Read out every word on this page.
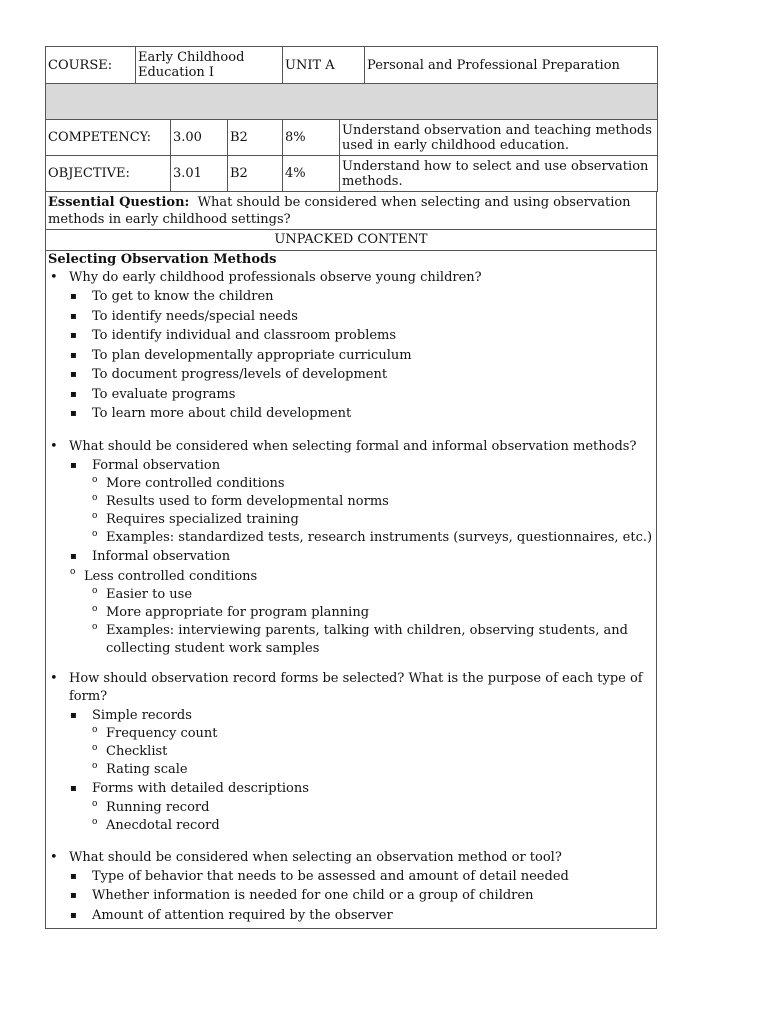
COURSE:	Early Childhood Education I			UNIT A		Personal and Professional Preparation

COMPETENCY:		3.00	B2	8%	Understand observation and teaching methods used in early childhood education.	
OBJECTIVE:		3.01	B2	4%	Understand how to select and use observation methods.	
Essential Question: What should be considered when selecting and using observation methods in early childhood settings?
UNPACKED CONTENT
Selecting Observation Methods
• Why do early childhood professionals observe young children?
▪ To get to know the children
▪ To identify needs/special needs
▪ To identify individual and classroom problems
▪ To plan developmentally appropriate curriculum
▪ To document progress/levels of development
▪ To evaluate programs
▪ To learn more about child development
• What should be considered when selecting formal and informal observation methods?
▪ Formal observation
o More controlled conditions
o Results used to form developmental norms
o Requires specialized training
o Examples: standardized tests, research instruments (surveys, questionnaires, etc.)
▪ Informal observation
o Less controlled conditions
o Easier to use
o More appropriate for program planning
o Examples: interviewing parents, talking with children, observing students, and collecting student work samples
• How should observation record forms be selected? What is the purpose of each type of form?
▪ Simple records
o Frequency count
o Checklist
o Rating scale
▪ Forms with detailed descriptions
o Running record
o Anecdotal record
• What should be considered when selecting an observation method or tool?
▪ Type of behavior that needs to be assessed and amount of detail needed
▪ Whether information is needed for one child or a group of children
▪ Amount of attention required by the observer
